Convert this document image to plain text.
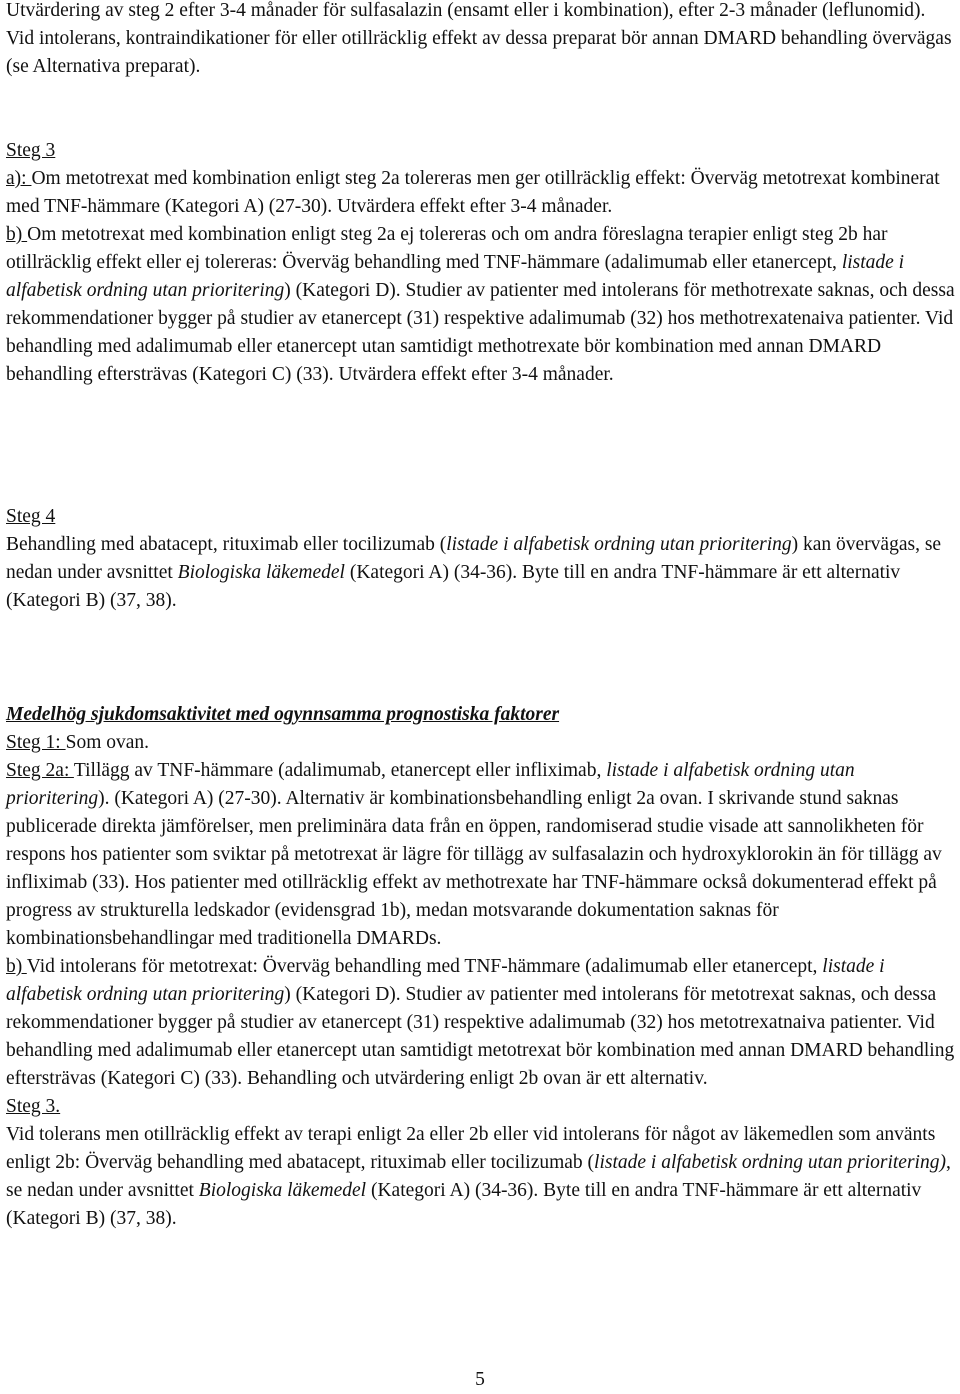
Utvärdering av steg 2 efter 3-4 månader för sulfasalazin (ensamt eller i kombination), efter 2-3 månader (leflunomid). Vid intolerans, kontraindikationer för eller otillräcklig effekt av dessa preparat bör annan DMARD behandling övervägas (se Alternativa preparat).

Steg 3

a): Om metotrexat med kombination enligt steg 2a tolereras men ger otillräcklig effekt: Överväg metotrexat kombinerat med TNF-hämmare (Kategori A) (27-30). Utvärdera effekt efter 3-4 månader.

b) Om metotrexat med kombination enligt steg 2a ej tolereras och om andra föreslagna terapier enligt steg 2b har otillräcklig effekt eller ej tolereras: Överväg behandling med TNF-hämmare (adalimumab eller etanercept, listade i alfabetisk ordning utan prioritering) (Kategori D). Studier av patienter med intolerans för methotrexate saknas, och dessa rekommendationer bygger på studier av etanercept (31) respektive adalimumab (32) hos methotrexatenaiva patienter. Vid behandling med adalimumab eller etanercept utan samtidigt methotrexate bör kombination med annan DMARD behandling eftersträvas (Kategori C) (33). Utvärdera effekt efter 3-4 månader.

Steg 4

Behandling med abatacept, rituximab eller tocilizumab (listade i alfabetisk ordning utan prioritering) kan övervägas, se nedan under avsnittet Biologiska läkemedel (Kategori A) (34-36). Byte till en andra TNF-hämmare är ett alternativ (Kategori B) (37, 38).

Medelhög sjukdomsaktivitet med ogynnsamma prognostiska faktorer

Steg 1: Som ovan.

Steg 2a: Tillägg av TNF-hämmare (adalimumab, etanercept eller infliximab, listade i alfabetisk ordning utan prioritering). (Kategori A) (27-30). Alternativ är kombinationsbehandling enligt 2a ovan. I skrivande stund saknas publicerade direkta jämförelser, men preliminära data från en öppen, randomiserad studie visade att sannolikheten för respons hos patienter som sviktar på metotrexat är lägre för tillägg av sulfasalazin och hydroxyklorokin än för tillägg av infliximab (33). Hos patienter med otillräcklig effekt av methotrexate har TNF-hämmare också dokumenterad effekt på progress av strukturella ledskador (evidensgrad 1b), medan motsvarande dokumentation saknas för kombinationsbehandlingar med traditionella DMARDs.

b) Vid intolerans för metotrexat: Överväg behandling med TNF-hämmare (adalimumab eller etanercept, listade i alfabetisk ordning utan prioritering) (Kategori D). Studier av patienter med intolerans för metotrexat saknas, och dessa rekommendationer bygger på studier av etanercept (31) respektive adalimumab (32) hos metotrexatnaiva patienter. Vid behandling med adalimumab eller etanercept utan samtidigt metotrexat bör kombination med annan DMARD behandling eftersträvas (Kategori C) (33). Behandling och utvärdering enligt 2b ovan är ett alternativ.

Steg 3.

Vid tolerans men otillräcklig effekt av terapi enligt 2a eller 2b eller vid intolerans för något av läkemedlen som använts enligt 2b: Överväg behandling med abatacept, rituximab eller tocilizumab (listade i alfabetisk ordning utan prioritering), se nedan under avsnittet Biologiska läkemedel (Kategori A) (34-36). Byte till en andra TNF-hämmare är ett alternativ (Kategori B) (37, 38).

5
